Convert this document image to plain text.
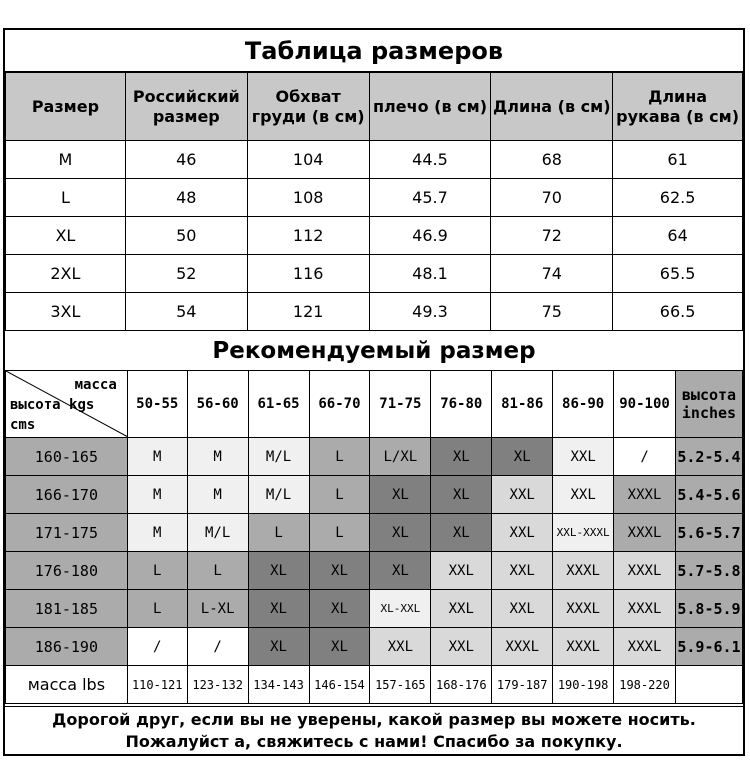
Таблица размеров
Размер	Российский размер	Обхват груди (в см)	плечо (в см)	Длина (в см)	Длина рукава (в см)
M	46	104	44.5	68	61
L	48	108	45.7	70	62.5
XL	50	112	46.9	72	64
2XL	52	116	48.1	74	65.5
3XL	54	121	49.3	75	66.5
Рекомендуемый размер
масса
высота kgs
cms	50-55	56-60	61-65	66-70	71-75	76-80	81-86	86-90	90-100	высота inches
160-165	M	M	M/L	L	L/XL	XL	XL	XXL	/	5.2-5.4
166-170	M	M	M/L	L	XL	XL	XXL	XXL	XXXL	5.4-5.6
171-175	M	M/L	L	L	XL	XL	XXL	XXL-XXXL	XXXL	5.6-5.7
176-180	L	L	XL	XL	XL	XXL	XXL	XXXL	XXXL	5.7-5.8
181-185	L	L-XL	XL	XL	XL-XXL	XXL	XXL	XXXL	XXXL	5.8-5.9
186-190	/	/	XL	XL	XXL	XXL	XXXL	XXXL	XXXL	5.9-6.1
масса lbs	110-121	123-132	134-143	146-154	157-165	168-176	179-187	190-198	198-220	
Дорогой друг, если вы не уверены, какой размер вы можете носить. Пожалуйст а, свяжитесь с нами! Спасибо за покупку.
